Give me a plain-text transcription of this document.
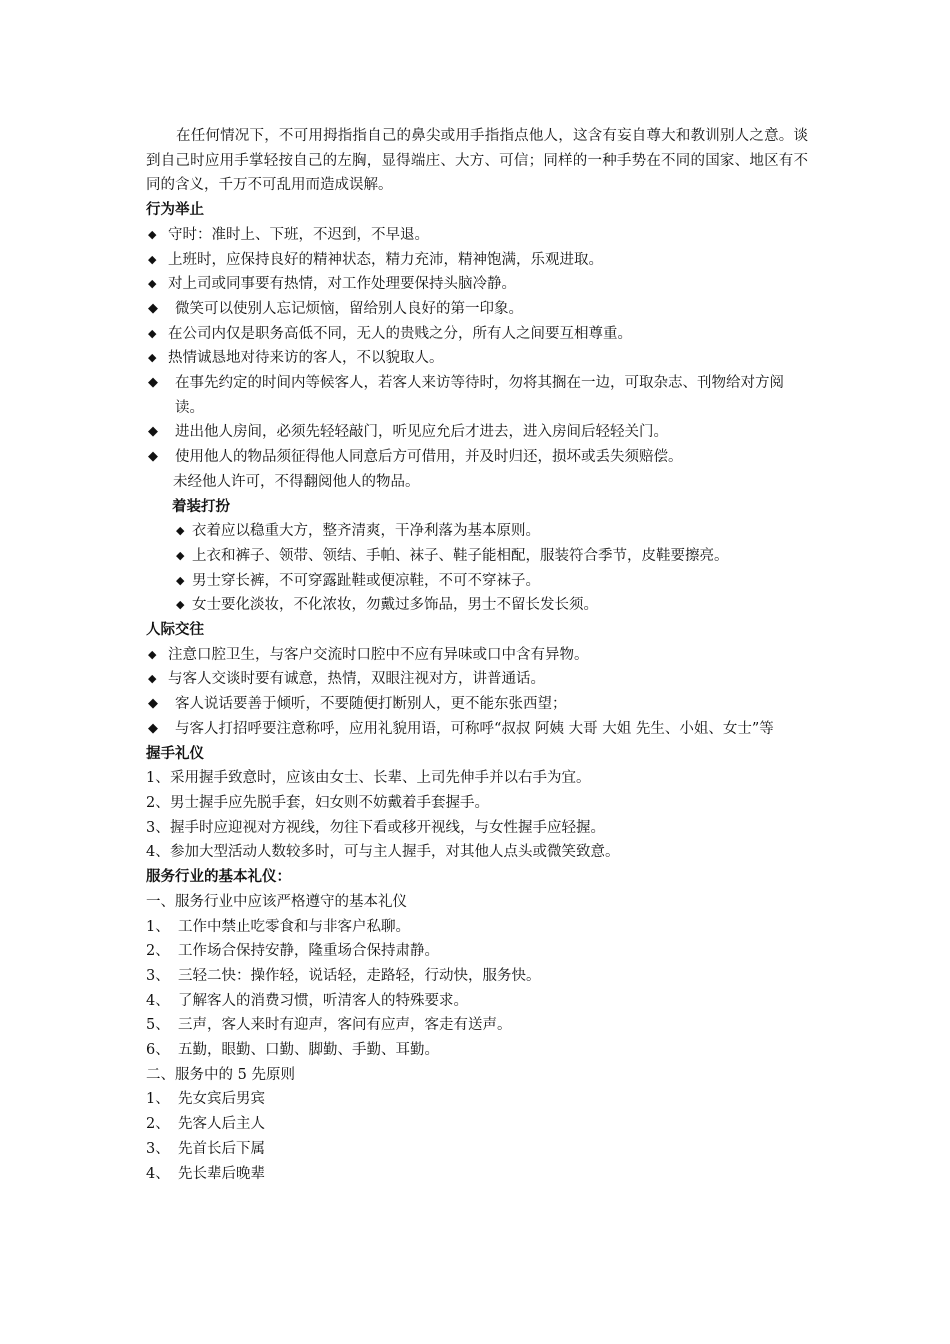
在任何情况下，不可用拇指指自己的鼻尖或用手指指点他人，这含有妄自尊大和教训别人之意。谈到自己时应用手掌轻按自己的左胸，显得端庄、大方、可信；同样的一种手势在不同的国家、地区有不同的含义，千万不可乱用而造成误解。

行为举止

◆ 守时：准时上、下班，不迟到，不早退。

◆ 上班时，应保持良好的精神状态，精力充沛，精神饱满，乐观进取。

◆ 对上司或同事要有热情，对工作处理要保持头脑冷静。

◆	微笑可以使别人忘记烦恼，留给别人良好的第一印象。

◆ 在公司内仅是职务高低不同，无人的贵贱之分，所有人之间要互相尊重。

◆ 热情诚恳地对待来访的客人，不以貌取人。

◆	在事先约定的时间内等候客人，若客人来访等待时，勿将其搁在一边，可取杂志、刊物给对方阅读。

◆	进出他人房间，必须先轻轻敲门，听见应允后才进去，进入房间后轻轻关门。

◆	使用他人的物品须征得他人同意后方可借用，并及时归还，损坏或丢失须赔偿。

未经他人许可，不得翻阅他人的物品。

着装打扮

◆ 衣着应以稳重大方，整齐清爽，干净利落为基本原则。

◆ 上衣和裤子、领带、领结、手帕、袜子、鞋子能相配，服装符合季节，皮鞋要擦亮。

◆ 男士穿长裤，不可穿露趾鞋或便凉鞋，不可不穿袜子。

◆ 女士要化淡妆，不化浓妆，勿戴过多饰品，男士不留长发长须。

人际交往

◆ 注意口腔卫生，与客户交流时口腔中不应有异味或口中含有异物。

◆ 与客人交谈时要有诚意，热情，双眼注视对方，讲普通话。

◆	客人说话要善于倾听，不要随便打断别人，更不能东张西望；

◆	与客人打招呼要注意称呼，应用礼貌用语，可称呼“叔叔 阿姨 大哥 大姐 先生、小姐、女士”等

握手礼仪

1、 采用握手致意时，应该由女士、长辈、上司先伸手并以右手为宜。

2、 男士握手应先脱手套，妇女则不妨戴着手套握手。

3、 握手时应迎视对方视线，勿往下看或移开视线，与女性握手应轻握。

4、 参加大型活动人数较多时，可与主人握手，对其他人点头或微笑致意。

服务行业的基本礼仪：

一、服务行业中应该严格遵守的基本礼仪

1、 工作中禁止吃零食和与非客户私聊。

2、 工作场合保持安静，隆重场合保持肃静。

3、 三轻二快：操作轻，说话轻，走路轻，行动快，服务快。

4、 了解客人的消费习惯，听清客人的特殊要求。

5、 三声，客人来时有迎声，客问有应声，客走有送声。

6、 五勤，眼勤、口勤、脚勤、手勤、耳勤。

二、服务中的 5 先原则

1、 先女宾后男宾

2、 先客人后主人

3、 先首长后下属

4、 先长辈后晚辈
